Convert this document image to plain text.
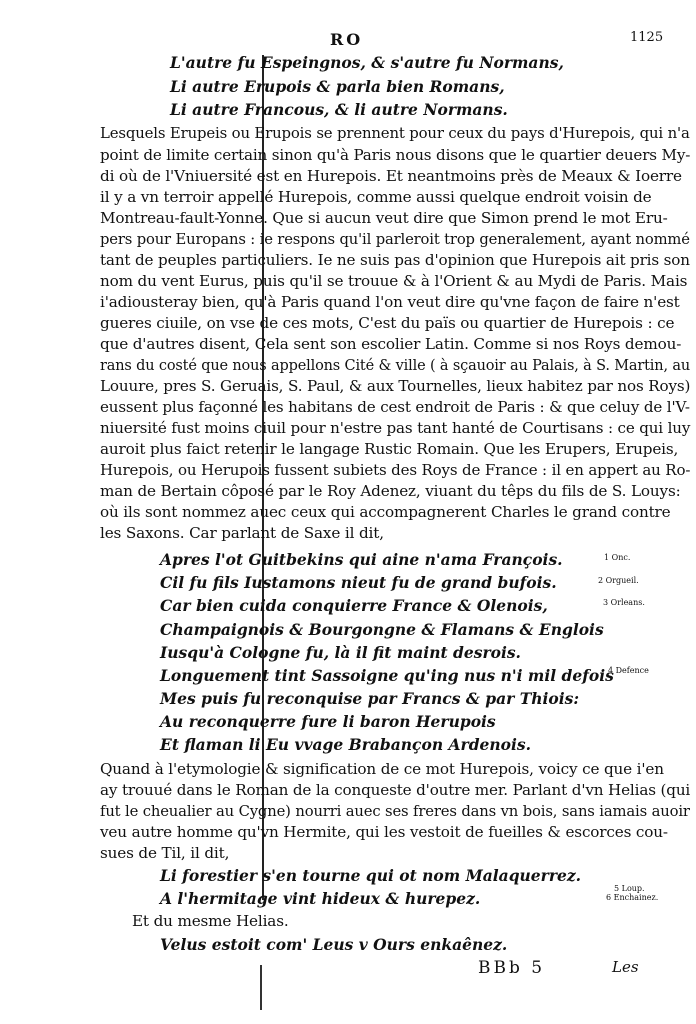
RO	1125
L'autre fu Espeingnos, & s'autre fu Normans,
Li autre Erupois & parla bien Romans,
Li autre Francous, & li autre Normans.
Lesquels Erupeis ou Erupois se prennent pour ceux du pays d'Hurepois, qui n'a
point de limite certain sinon qu'à Paris nous disons que le quartier deuers My-
di où de l'Vniuersité est en Hurepois. Et neantmoins près de Meaux & Ioerre
il y a vn terroir appellé Hurepois, comme aussi quelque endroit voisin de
Montreau-fault-Yonne. Que si aucun veut dire que Simon prend le mot Eru-
pers pour Europans : ie respons qu'il parleroit trop generalement, ayant nommé
tant de peuples particuliers. Ie ne suis pas d'opinion que Hurepois ait pris son
nom du vent Eurus, puis qu'il se trouue & à l'Orient & au Mydi de Paris. Mais
i'adiousteray bien, qu'à Paris quand l'on veut dire qu'vne façon de faire n'est
gueres ciuile, on vse de ces mots, C'est du païs ou quartier de Hurepois : ce
que d'autres disent, Cela sent son escolier Latin. Comme si nos Roys demou-
rans du costé que nous appellons Cité & ville ( à sçauoir au Palais, à S. Martin, au
Louure, pres S. Geruais, S. Paul, & aux Tournelles, lieux habitez par nos Roys)
eussent plus façonné les habitans de cest endroit de Paris : & que celuy de l'V-
niuersité fust moins ciuil pour n'estre pas tant hanté de Courtisans : ce qui luy
auroit plus faict retenir le langage Rustic Romain. Que les Erupers, Erupeis,
Hurepois, ou Herupois fussent subiets des Roys de France : il en appert au Ro-
man de Bertain côposé par le Roy Adenez, viuant du têps du fils de S. Louys:
où ils sont nommez auec ceux qui accompagnerent Charles le grand contre
les Saxons. Car parlant de Saxe il dit,
Apres l'ot Guitbekins qui aine n'ama François.
Cil fu fils Iustamons nieut fu de grand bufois.
Car bien cuida conquierre France & Olenois,
Champaignois & Bourgongne & Flamans & Englois
Iusqu'à Cologne fu, là il fit maint desrois.
Longuement tint Sassoigne qu'ing nus n'i mil defois
Mes puis fu reconquise par Francs & par Thiois:
Au reconquerre fure li baron Herupois
Et flaman li Eu vvage Brabançon Ardenois.
1 Onc.
2 Orgueil.
3 Orleans.
4 Defence
5 Loup.
6 Enchainez.
Quand à l'etymologie & signification de ce mot Hurepois, voicy ce que i'en
ay trouué dans le Roman de la conqueste d'outre mer. Parlant d'vn Helias (qui
fut le cheualier au Cygne) nourri auec ses freres dans vn bois, sans iamais auoir
veu autre homme qu'vn Hermite, qui les vestoit de fueilles & escorces cou-
sues de Til, il dit,
Li forestier s'en tourne qui ot nom Malaquerrez.
A l'hermitage vint hideux & hurepez.
Et du mesme Helias.
Velus estoit com' Leus v Ours enkaênez.
BBb 5	Les
